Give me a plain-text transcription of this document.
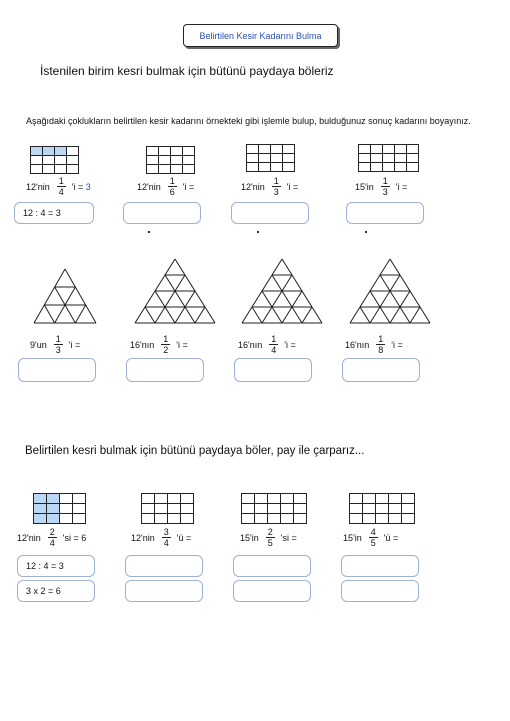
Belirtilen Kesir Kadarını Bulma
İstenilen birim kesri bulmak için bütünü paydaya böleriz
Aşağıdaki çoklukların belirtilen kesir kadarını örnekteki gibi işlemle bulup, bulduğunuz sonuç kadarını boyayınız.

$12'nin \frac{1}{4}$ 'i =
3	$12'nin \frac{1}{6}$ 'i =	$12'nin \frac{1}{3}$ 'i =	$15'in \frac{1}{3}$ 'i =
12 : 4 = 3
$9'un \frac{1}{3}$ 'i =	16'nın $\frac{1}{2}$ 'i =	16'nın $\frac{1}{4}$ 'i =	16'nın $\frac{1}{8}$ 'i =
Belirtilen kesri bulmak için bütünü paydaya böler, pay ile çarparız...

$12'nin \frac{2}{4}$ 'si = 6	$12'nin \frac{3}{4}$ 'ü =	$15'in \frac{2}{5}$ 'si =	$15'in \frac{4}{5}$ 'ü =
12 : 4 = 3
3 x 2 = 6
